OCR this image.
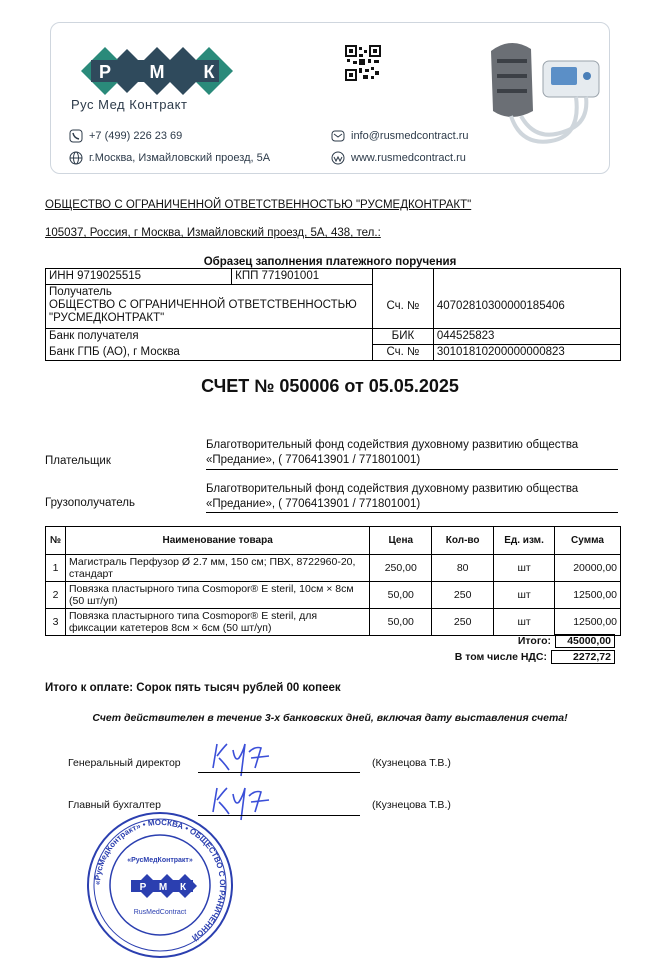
Р М К
Рус Мед Контракт
+7 (499) 226 23 69
г.Москва, Измайловский проезд, 5А
info@rusmedcontract.ru
www.rusmedcontract.ru
ОБЩЕСТВО С ОГРАНИЧЕННОЙ ОТВЕТСТВЕННОСТЬЮ "РУСМЕДКОНТРАКТ"
105037, Россия, г Москва, Измайловский проезд, 5А, 438, тел.:
Образец заполнения платежного поручения
ИНН 9719025515	КПП 771901001		

Получатель
ОБЩЕСТВО С ОГРАНИЧЕННОЙ ОТВЕТСТВЕННОСТЬЮ "РУСМЕДКОНТРАКТ"		Сч. №	40702810300000185406
Банк получателя		БИК	044525823
Банк ГПБ (АО), г Москва		Сч. №	30101810200000000823
СЧЕТ № 050006 от 05.05.2025
Благотворительный фонд содействия духовному развитию общества «Предание», ( 7706413901 / 771801001)
Плательщик
Благотворительный фонд содействия духовному развитию общества «Предание», ( 7706413901 / 771801001)
Грузополучатель
№	Наименование товара	Цена	Кол-во	Ед. изм.	Сумма
1	Магистраль Перфузор Ø 2.7 мм, 150 см; ПВХ, 8722960-20, стандарт	250,00	80	шт	20000,00
2	Повязка пластырного типа Cosmopor® E steril, 10см × 8см (50 шт/уп)	50,00	250	шт	12500,00
3	Повязка пластырного типа Cosmopor® E steril, для фиксации катетеров 8см × 6см (50 шт/уп)	50,00	250	шт	12500,00
Итого:	45000,00
В том числе НДС:	2272,72
Итого к оплате: Сорок пять тысяч рублей 00 копеек
Счет действителен в течение 3-х банковских дней, включая дату выставления счета!
Генеральный директор	(Кузнецова Т.В.)
Главный бухгалтер	(Кузнецова Т.В.)
«РусМедКонтракт» • МОСКВА • ОБЩЕСТВО С ОГРАНИЧЕННОЙ
«РусМедКонтракт»
Р М К
RusMedContract
